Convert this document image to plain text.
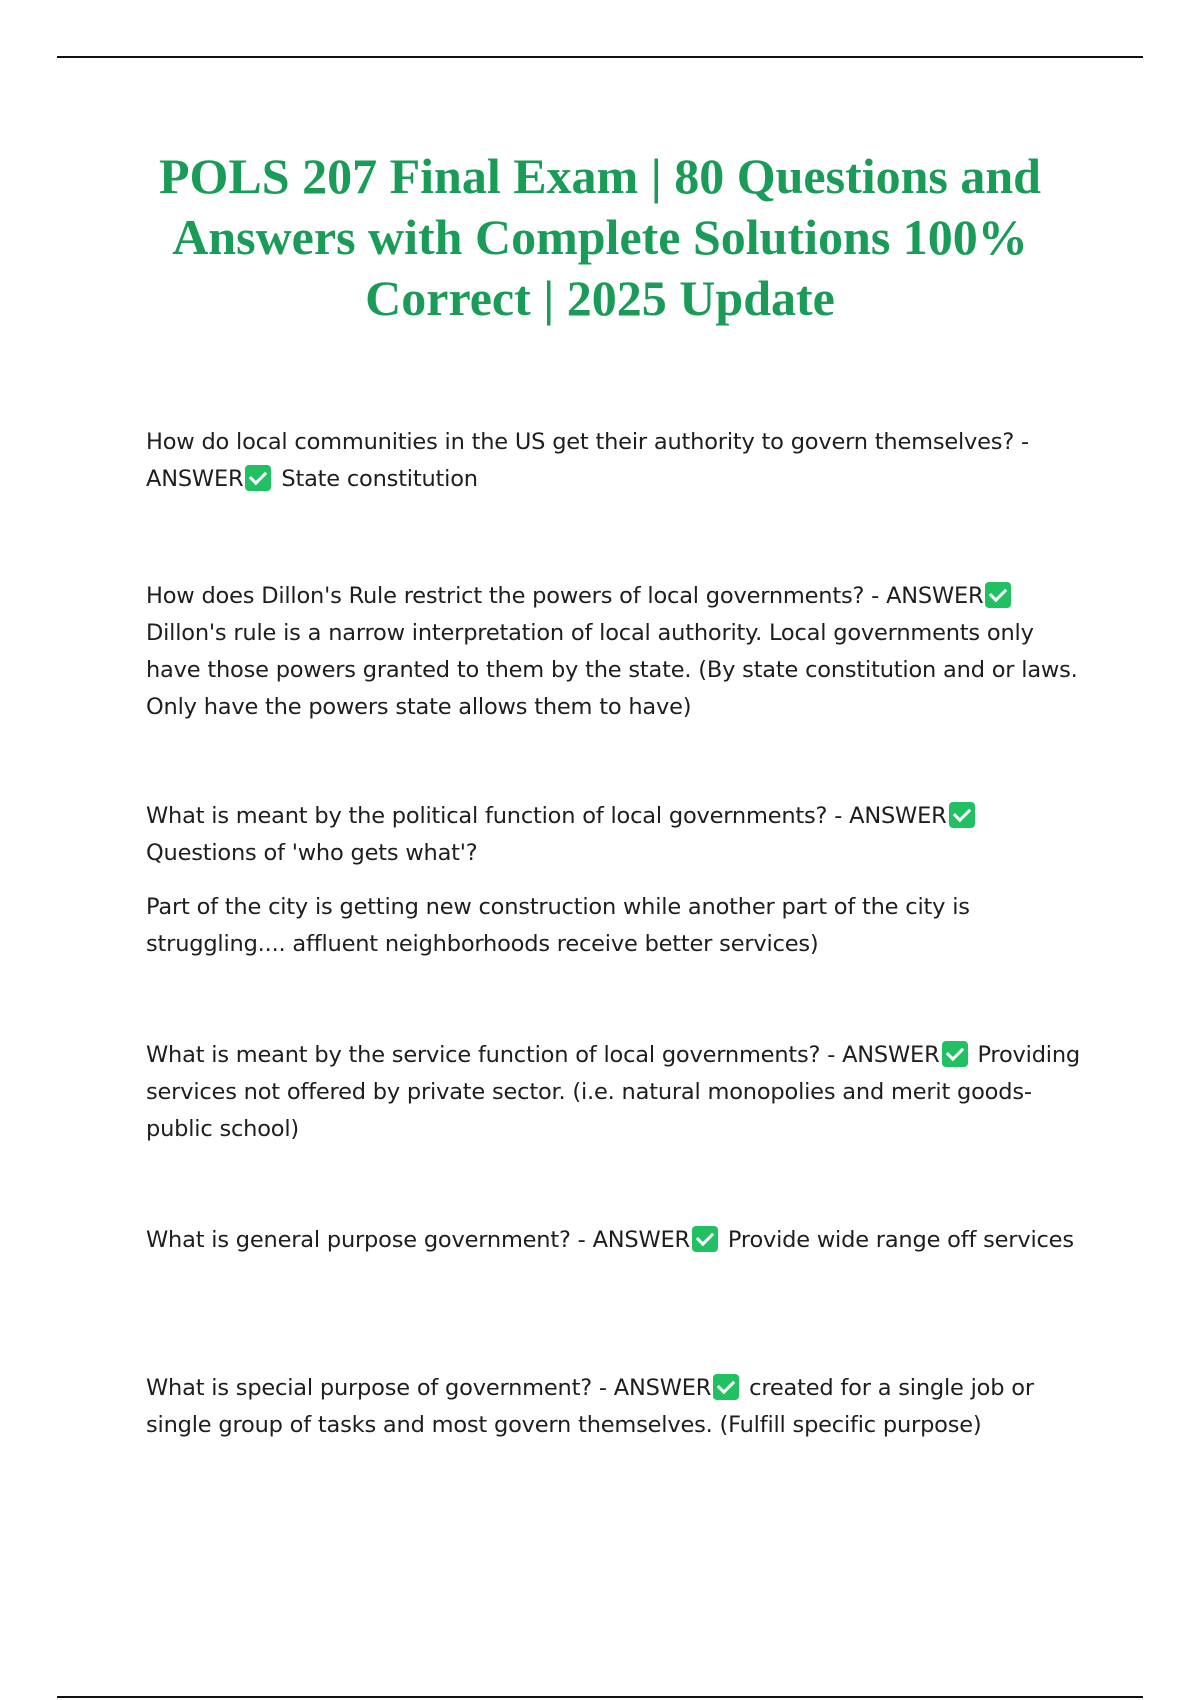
POLS 207 Final Exam | 80 Questions and Answers with Complete Solutions 100% Correct | 2025 Update

How do local communities in the US get their authority to govern themselves? - ANSWER State constitution

How does Dillon's Rule restrict the powers of local governments? - ANSWER Dillon's rule is a narrow interpretation of local authority. Local governments only have those powers granted to them by the state. (By state constitution and or laws. Only have the powers state allows them to have)

What is meant by the political function of local governments? - ANSWER Questions of 'who gets what'?

Part of the city is getting new construction while another part of the city is struggling.... affluent neighborhoods receive better services)

What is meant by the service function of local governments? - ANSWER Providing services not offered by private sector. (i.e. natural monopolies and merit goods- public school)

What is general purpose government? - ANSWER Provide wide range off services

What is special purpose of government? - ANSWER created for a single job or single group of tasks and most govern themselves. (Fulfill specific purpose)
